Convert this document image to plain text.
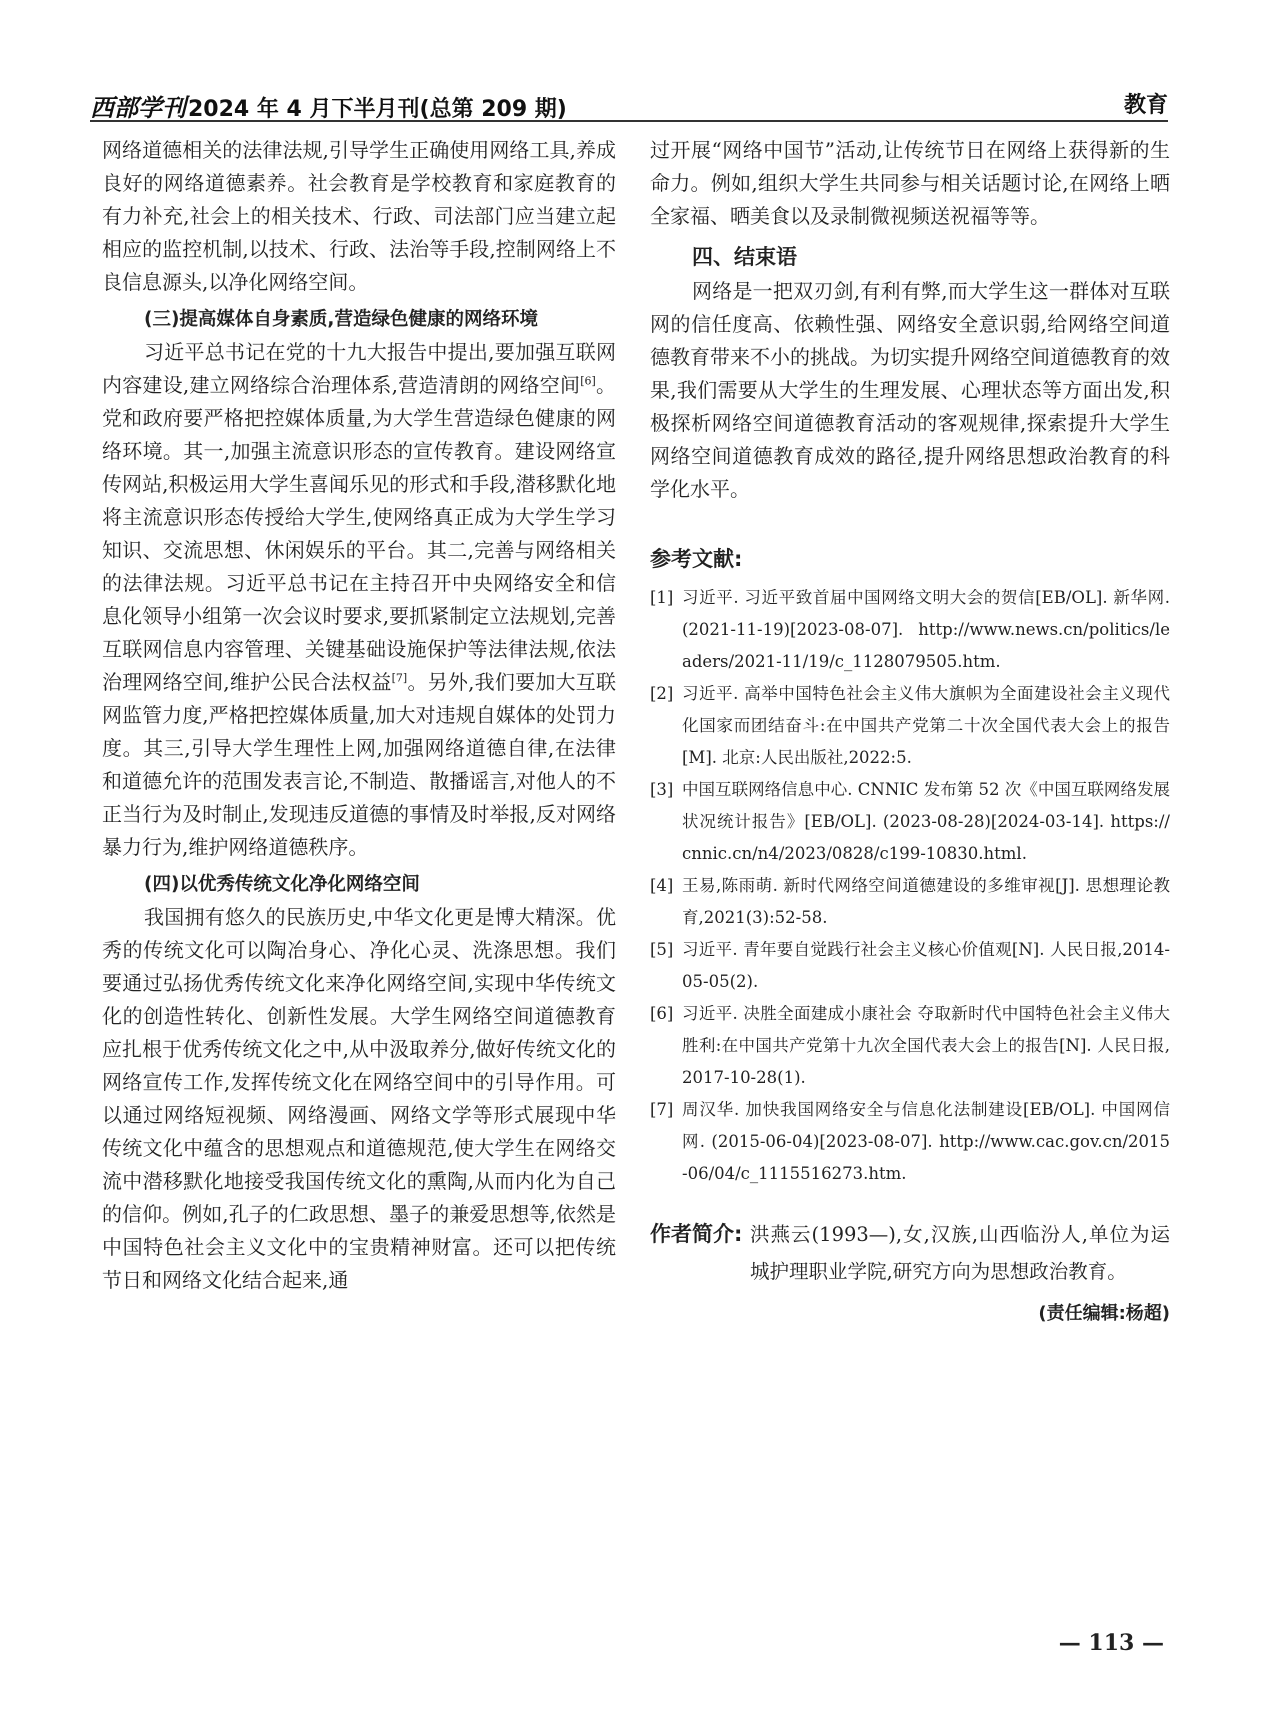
西部学刊2024 年 4 月下半月刊(总第 209 期)	教育

网络道德相关的法律法规,引导学生正确使用网络工具,养成良好的网络道德素养。社会教育是学校教育和家庭教育的有力补充,社会上的相关技术、行政、司法部门应当建立起相应的监控机制,以技术、行政、法治等手段,控制网络上不良信息源头,以净化网络空间。

(三)提高媒体自身素质,营造绿色健康的网络环境

习近平总书记在党的十九大报告中提出,要加强互联网内容建设,建立网络综合治理体系,营造清朗的网络空间[6]。党和政府要严格把控媒体质量,为大学生营造绿色健康的网络环境。其一,加强主流意识形态的宣传教育。建设网络宣传网站,积极运用大学生喜闻乐见的形式和手段,潜移默化地将主流意识形态传授给大学生,使网络真正成为大学生学习知识、交流思想、休闲娱乐的平台。其二,完善与网络相关的法律法规。习近平总书记在主持召开中央网络安全和信息化领导小组第一次会议时要求,要抓紧制定立法规划,完善互联网信息内容管理、关键基础设施保护等法律法规,依法治理网络空间,维护公民合法权益[7]。另外,我们要加大互联网监管力度,严格把控媒体质量,加大对违规自媒体的处罚力度。其三,引导大学生理性上网,加强网络道德自律,在法律和道德允许的范围发表言论,不制造、散播谣言,对他人的不正当行为及时制止,发现违反道德的事情及时举报,反对网络暴力行为,维护网络道德秩序。

(四)以优秀传统文化净化网络空间

我国拥有悠久的民族历史,中华文化更是博大精深。优秀的传统文化可以陶冶身心、净化心灵、洗涤思想。我们要通过弘扬优秀传统文化来净化网络空间,实现中华传统文化的创造性转化、创新性发展。大学生网络空间道德教育应扎根于优秀传统文化之中,从中汲取养分,做好传统文化的网络宣传工作,发挥传统文化在网络空间中的引导作用。可以通过网络短视频、网络漫画、网络文学等形式展现中华传统文化中蕴含的思想观点和道德规范,使大学生在网络交流中潜移默化地接受我国传统文化的熏陶,从而内化为自己的信仰。例如,孔子的仁政思想、墨子的兼爱思想等,依然是中国特色社会主义文化中的宝贵精神财富。还可以把传统节日和网络文化结合起来,通

过开展“网络中国节”活动,让传统节日在网络上获得新的生命力。例如,组织大学生共同参与相关话题讨论,在网络上晒全家福、晒美食以及录制微视频送祝福等等。

四、结束语

网络是一把双刃剑,有利有弊,而大学生这一群体对互联网的信任度高、依赖性强、网络安全意识弱,给网络空间道德教育带来不小的挑战。为切实提升网络空间道德教育的效果,我们需要从大学生的生理发展、心理状态等方面出发,积极探析网络空间道德教育活动的客观规律,探索提升大学生网络空间道德教育成效的路径,提升网络思想政治教育的科学化水平。

参考文献:
[1] 习近平. 习近平致首届中国网络文明大会的贺信[EB/OL]. 新华网. (2021-11-19)[2023-08-07]. http://www.news.cn/politics/leaders/2021-11/19/c_1128079505.htm.
[2] 习近平. 高举中国特色社会主义伟大旗帜为全面建设社会主义现代化国家而团结奋斗:在中国共产党第二十次全国代表大会上的报告[M]. 北京:人民出版社,2022:5.
[3] 中国互联网络信息中心. CNNIC 发布第 52 次《中国互联网络发展状况统计报告》[EB/OL]. (2023-08-28)[2024-03-14]. https://cnnic.cn/n4/2023/0828/c199-10830.html.
[4] 王易,陈雨萌. 新时代网络空间道德建设的多维审视[J]. 思想理论教育,2021(3):52-58.
[5] 习近平. 青年要自觉践行社会主义核心价值观[N]. 人民日报,2014-05-05(2).
[6] 习近平. 决胜全面建成小康社会 夺取新时代中国特色社会主义伟大胜利:在中国共产党第十九次全国代表大会上的报告[N]. 人民日报,2017-10-28(1).
[7] 周汉华. 加快我国网络安全与信息化法制建设[EB/OL]. 中国网信网. (2015-06-04)[2023-08-07]. http://www.cac.gov.cn/2015-06/04/c_1115516273.htm.
作者简介: 洪燕云(1993—),女,汉族,山西临汾人,单位为运城护理职业学院,研究方向为思想政治教育。
(责任编辑:杨超)
— 113 —
